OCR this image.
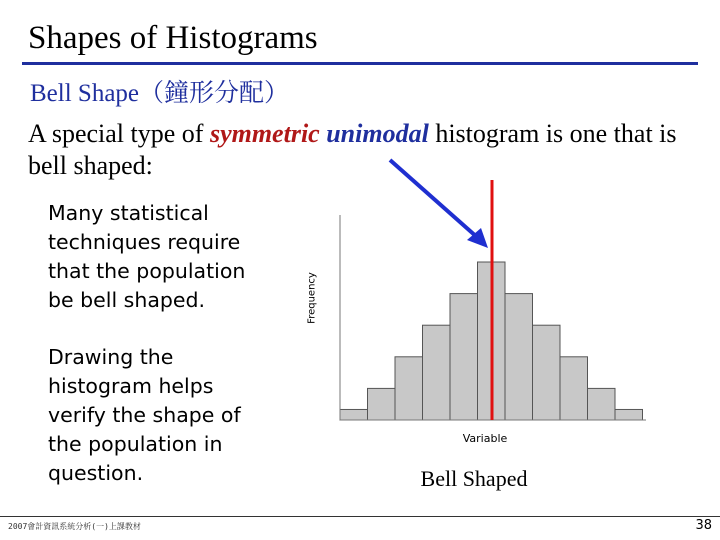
Shapes of Histograms
Bell Shape（鐘形分配）
A special type of symmetric unimodal histogram is one that is bell shaped:
Many statistical techniques require that the population be bell shaped.
Drawing the histogram helps verify the shape of the population in question.
Frequency
Variable
Bell Shaped
2007會計資訊系統分析(一)上課教材	38
